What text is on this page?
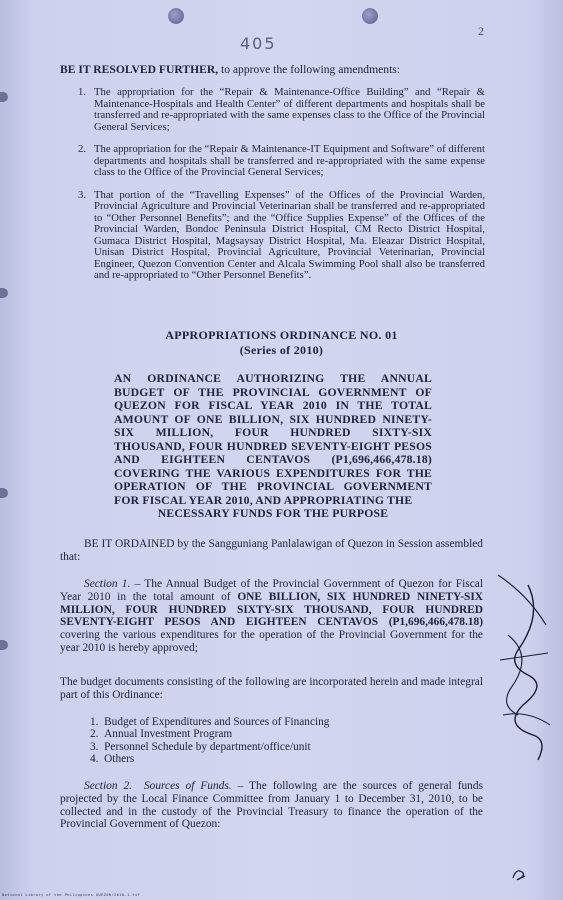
405
2
BE IT RESOLVED FURTHER, to approve the following amendments:
1. The appropriation for the “Repair & Maintenance-Office Building” and “Repair & Maintenance-Hospitals and Health Center” of different departments and hospitals shall be transferred and re-appropriated with the same expenses class to the Office of the Provincial General Services;
2. The appropriation for the “Repair & Maintenance-IT Equipment and Software” of different departments and hospitals shall be transferred and re-appropriated with the same expense class to the Office of the Provincial General Services;
3. That portion of the “Travelling Expenses” of the Offices of the Provincial Warden, Provincial Agriculture and Provincial Veterinarian shall be transferred and re-appropriated to “Other Personnel Benefits”; and the “Office Supplies Expense” of the Offices of the Provincial Warden, Bondoc Peninsula District Hospital, CM Recto District Hospital, Gumaca District Hospital, Magsaysay District Hospital, Ma. Eleazar District Hospital, Unisan District Hospital, Provincial Agriculture, Provincial Veterinarian, Provincial Engineer, Quezon Convention Center and Alcala Swimming Pool shall also be transferred and re-appropriated to “Other Personnel Benefits”.
APPROPRIATIONS ORDINANCE NO. 01
(Series of 2010)
AN ORDINANCE AUTHORIZING THE ANNUAL BUDGET OF THE PROVINCIAL GOVERNMENT OF QUEZON FOR FISCAL YEAR 2010 IN THE TOTAL AMOUNT OF ONE BILLION, SIX HUNDRED NINETY-SIX MILLION, FOUR HUNDRED SIXTY-SIX THOUSAND, FOUR HUNDRED SEVENTY-EIGHT PESOS AND EIGHTEEN CENTAVOS (P1,696,466,478.18) COVERING THE VARIOUS EXPENDITURES FOR THE OPERATION OF THE PROVINCIAL GOVERNMENT FOR FISCAL YEAR 2010, AND APPROPRIATING THE
NECESSARY FUNDS FOR THE PURPOSE
BE IT ORDAINED by the Sangguniang Panlalawigan of Quezon in Session assembled that:
Section 1. – The Annual Budget of the Provincial Government of Quezon for Fiscal Year 2010 in the total amount of ONE BILLION, SIX HUNDRED NINETY-SIX MILLION, FOUR HUNDRED SIXTY-SIX THOUSAND, FOUR HUNDRED SEVENTY-EIGHT PESOS AND EIGHTEEN CENTAVOS (P1,696,466,478.18) covering the various expenditures for the operation of the Provincial Government for the year 2010 is hereby approved;
The budget documents consisting of the following are incorporated herein and made integral part of this Ordinance:
1. Budget of Expenditures and Sources of Financing
2. Annual Investment Program
3. Personnel Schedule by department/office/unit
4. Others
Section 2. Sources of Funds. – The following are the sources of general funds projected by the Local Finance Committee from January 1 to December 31, 2010, to be collected and in the custody of the Provincial Treasury to finance the operation of the Provincial Government of Quezon:
National Library of the Philippines QUEZON/2010-1.tif
